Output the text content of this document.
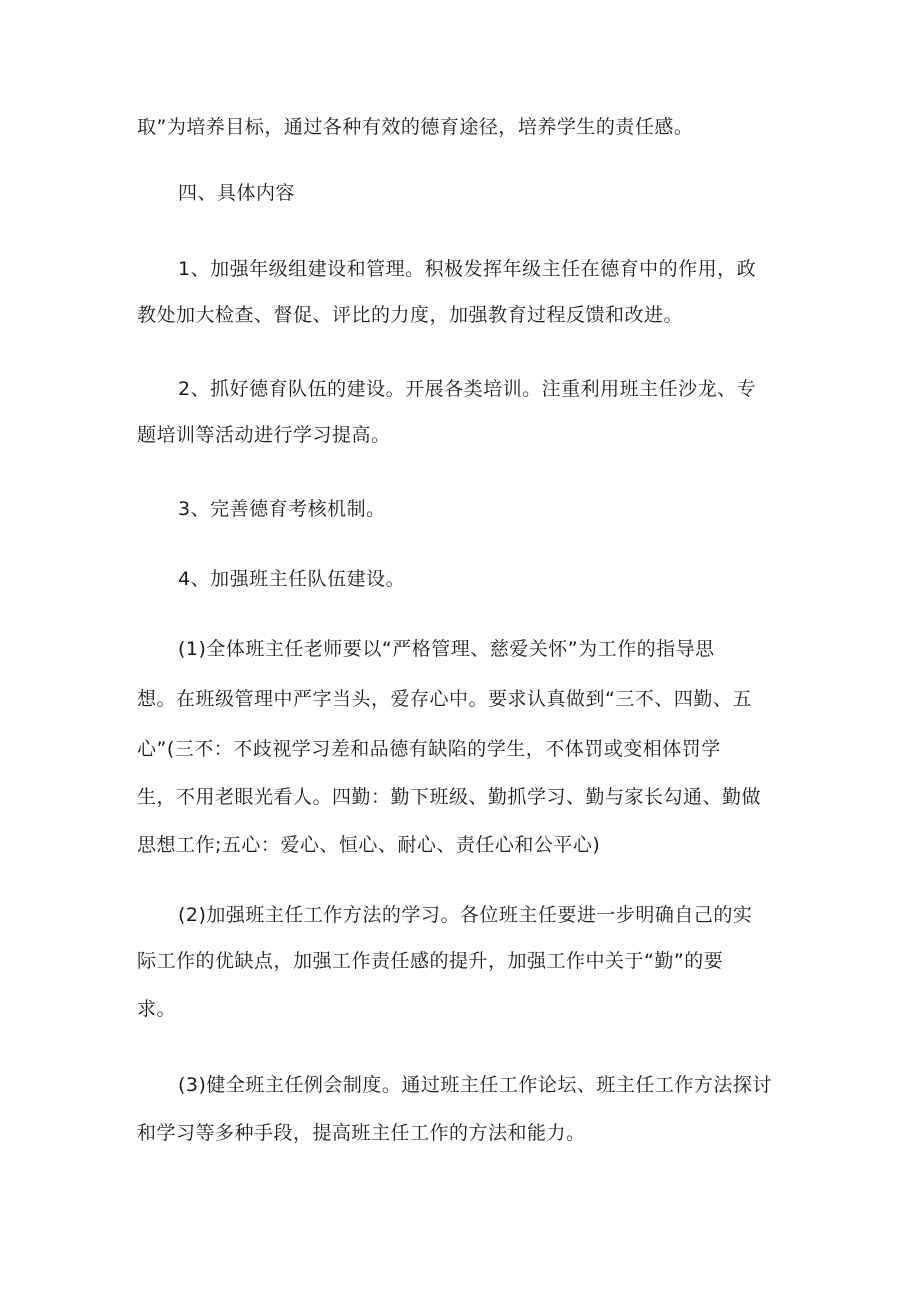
取”为培养目标，通过各种有效的德育途径，培养学生的责任感。
四、具体内容
1、加强年级组建设和管理。积极发挥年级主任在德育中的作用，政
教处加大检查、督促、评比的力度，加强教育过程反馈和改进。
2、抓好德育队伍的建设。开展各类培训。注重利用班主任沙龙、专
题培训等活动进行学习提高。
3、完善德育考核机制。
4、加强班主任队伍建设。
(1)全体班主任老师要以“严格管理、慈爱关怀”为工作的指导思
想。在班级管理中严字当头，爱存心中。要求认真做到“三不、四勤、五
心”(三不：不歧视学习差和品德有缺陷的学生，不体罚或变相体罚学
生，不用老眼光看人。四勤：勤下班级、勤抓学习、勤与家长勾通、勤做
思想工作;五心：爱心、恒心、耐心、责任心和公平心)
(2)加强班主任工作方法的学习。各位班主任要进一步明确自己的实
际工作的优缺点，加强工作责任感的提升，加强工作中关于“勤”的要
求。
(3)健全班主任例会制度。通过班主任工作论坛、班主任工作方法探讨
和学习等多种手段，提高班主任工作的方法和能力。
